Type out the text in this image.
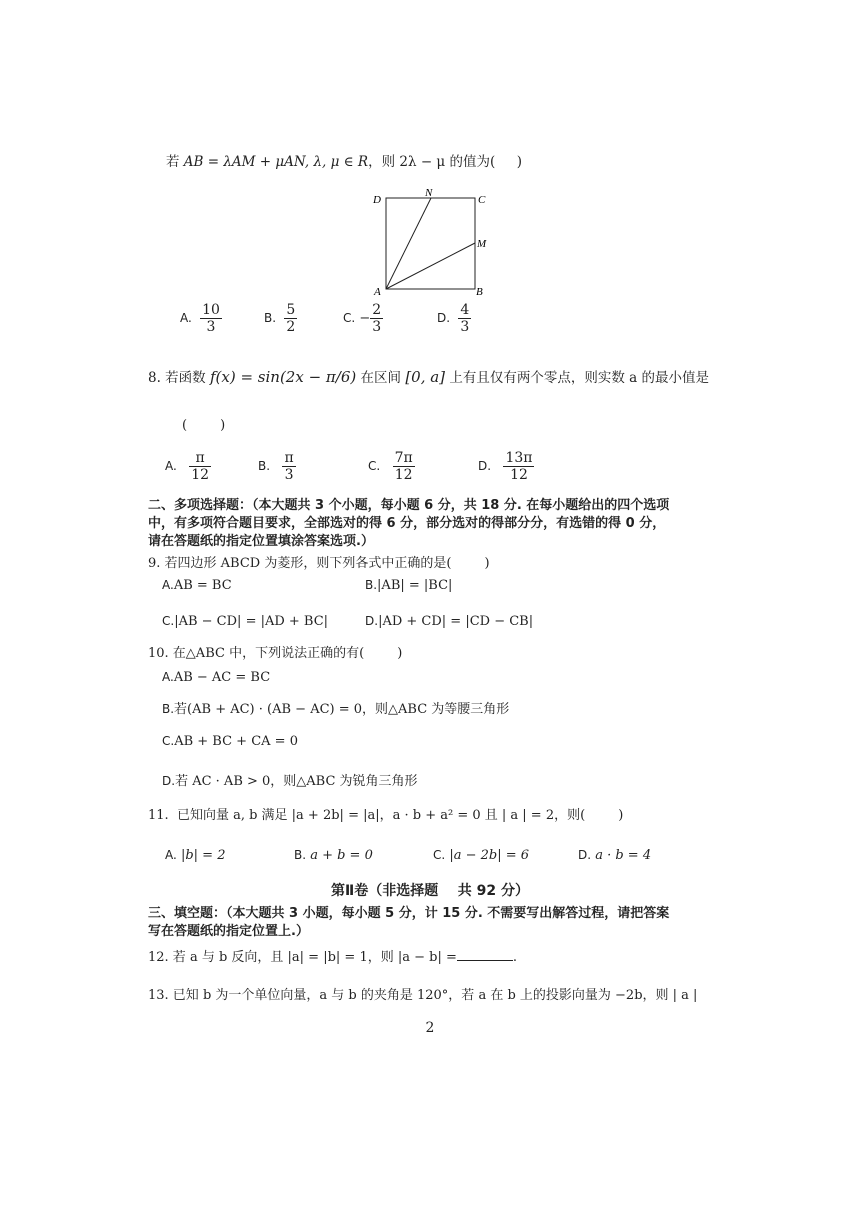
若 AB = λAM + μAN, λ, μ ∈ R，则 2λ − μ 的值为( )
D
N
C
M
A	B
A. $\frac{10}{3}$	B. $\frac{5}{2}$	C. − $\frac{2}{3}$	D. $\frac{4}{3}$
8. 若函数 f(x) = sin(2x − π/6) 在区间 [0, a] 上有且仅有两个零点，则实数 a 的最小值是
(        )
A. $\frac{\pi}{12}$	B. $\frac{\pi}{3}$	C. $\frac{7\pi}{12}$	D. $\frac{13\pi}{12}$
二、多项选择题：（本大题共 3 个小题，每小题 6 分，共 18 分. 在每小题给出的四个选项
中，有多项符合题目要求，全部选对的得 6 分，部分选对的得部分分，有选错的得 0 分，
请在答题纸的指定位置填涂答案选项.）
9. 若四边形 ABCD 为菱形，则下列各式中正确的是(        )
A.AB = BC	B.|AB| = |BC|
C.|AB − CD| = |AD + BC|	D.|AD + CD| = |CD − CB|
10. 在△ABC 中，下列说法正确的有(        )
A.AB − AC = BC
B.若(AB + AC) · (AB − AC) = 0，则△ABC 为等腰三角形
C.AB + BC + CA = 0
D.若 AC · AB > 0，则△ABC 为锐角三角形
11.  已知向量 a, b 满足 |a + 2b| = |a|，a · b + a² = 0 且 | a | = 2，则(        )
A. |b| = 2	B. a + b = 0	C. |a − 2b| = 6	D. a · b = 4
第Ⅱ卷（非选择题    共 92 分）
三、填空题：（本大题共 3 小题，每小题 5 分，计 15 分. 不需要写出解答过程，请把答案
写在答题纸的指定位置上.）
12. 若 a 与 b 反向，且 |a| = |b| = 1，则 |a − b| =	.
13. 已知 b 为一个单位向量，a 与 b 的夹角是 120°，若 a 在 b 上的投影向量为 −2b，则 | a |
2
